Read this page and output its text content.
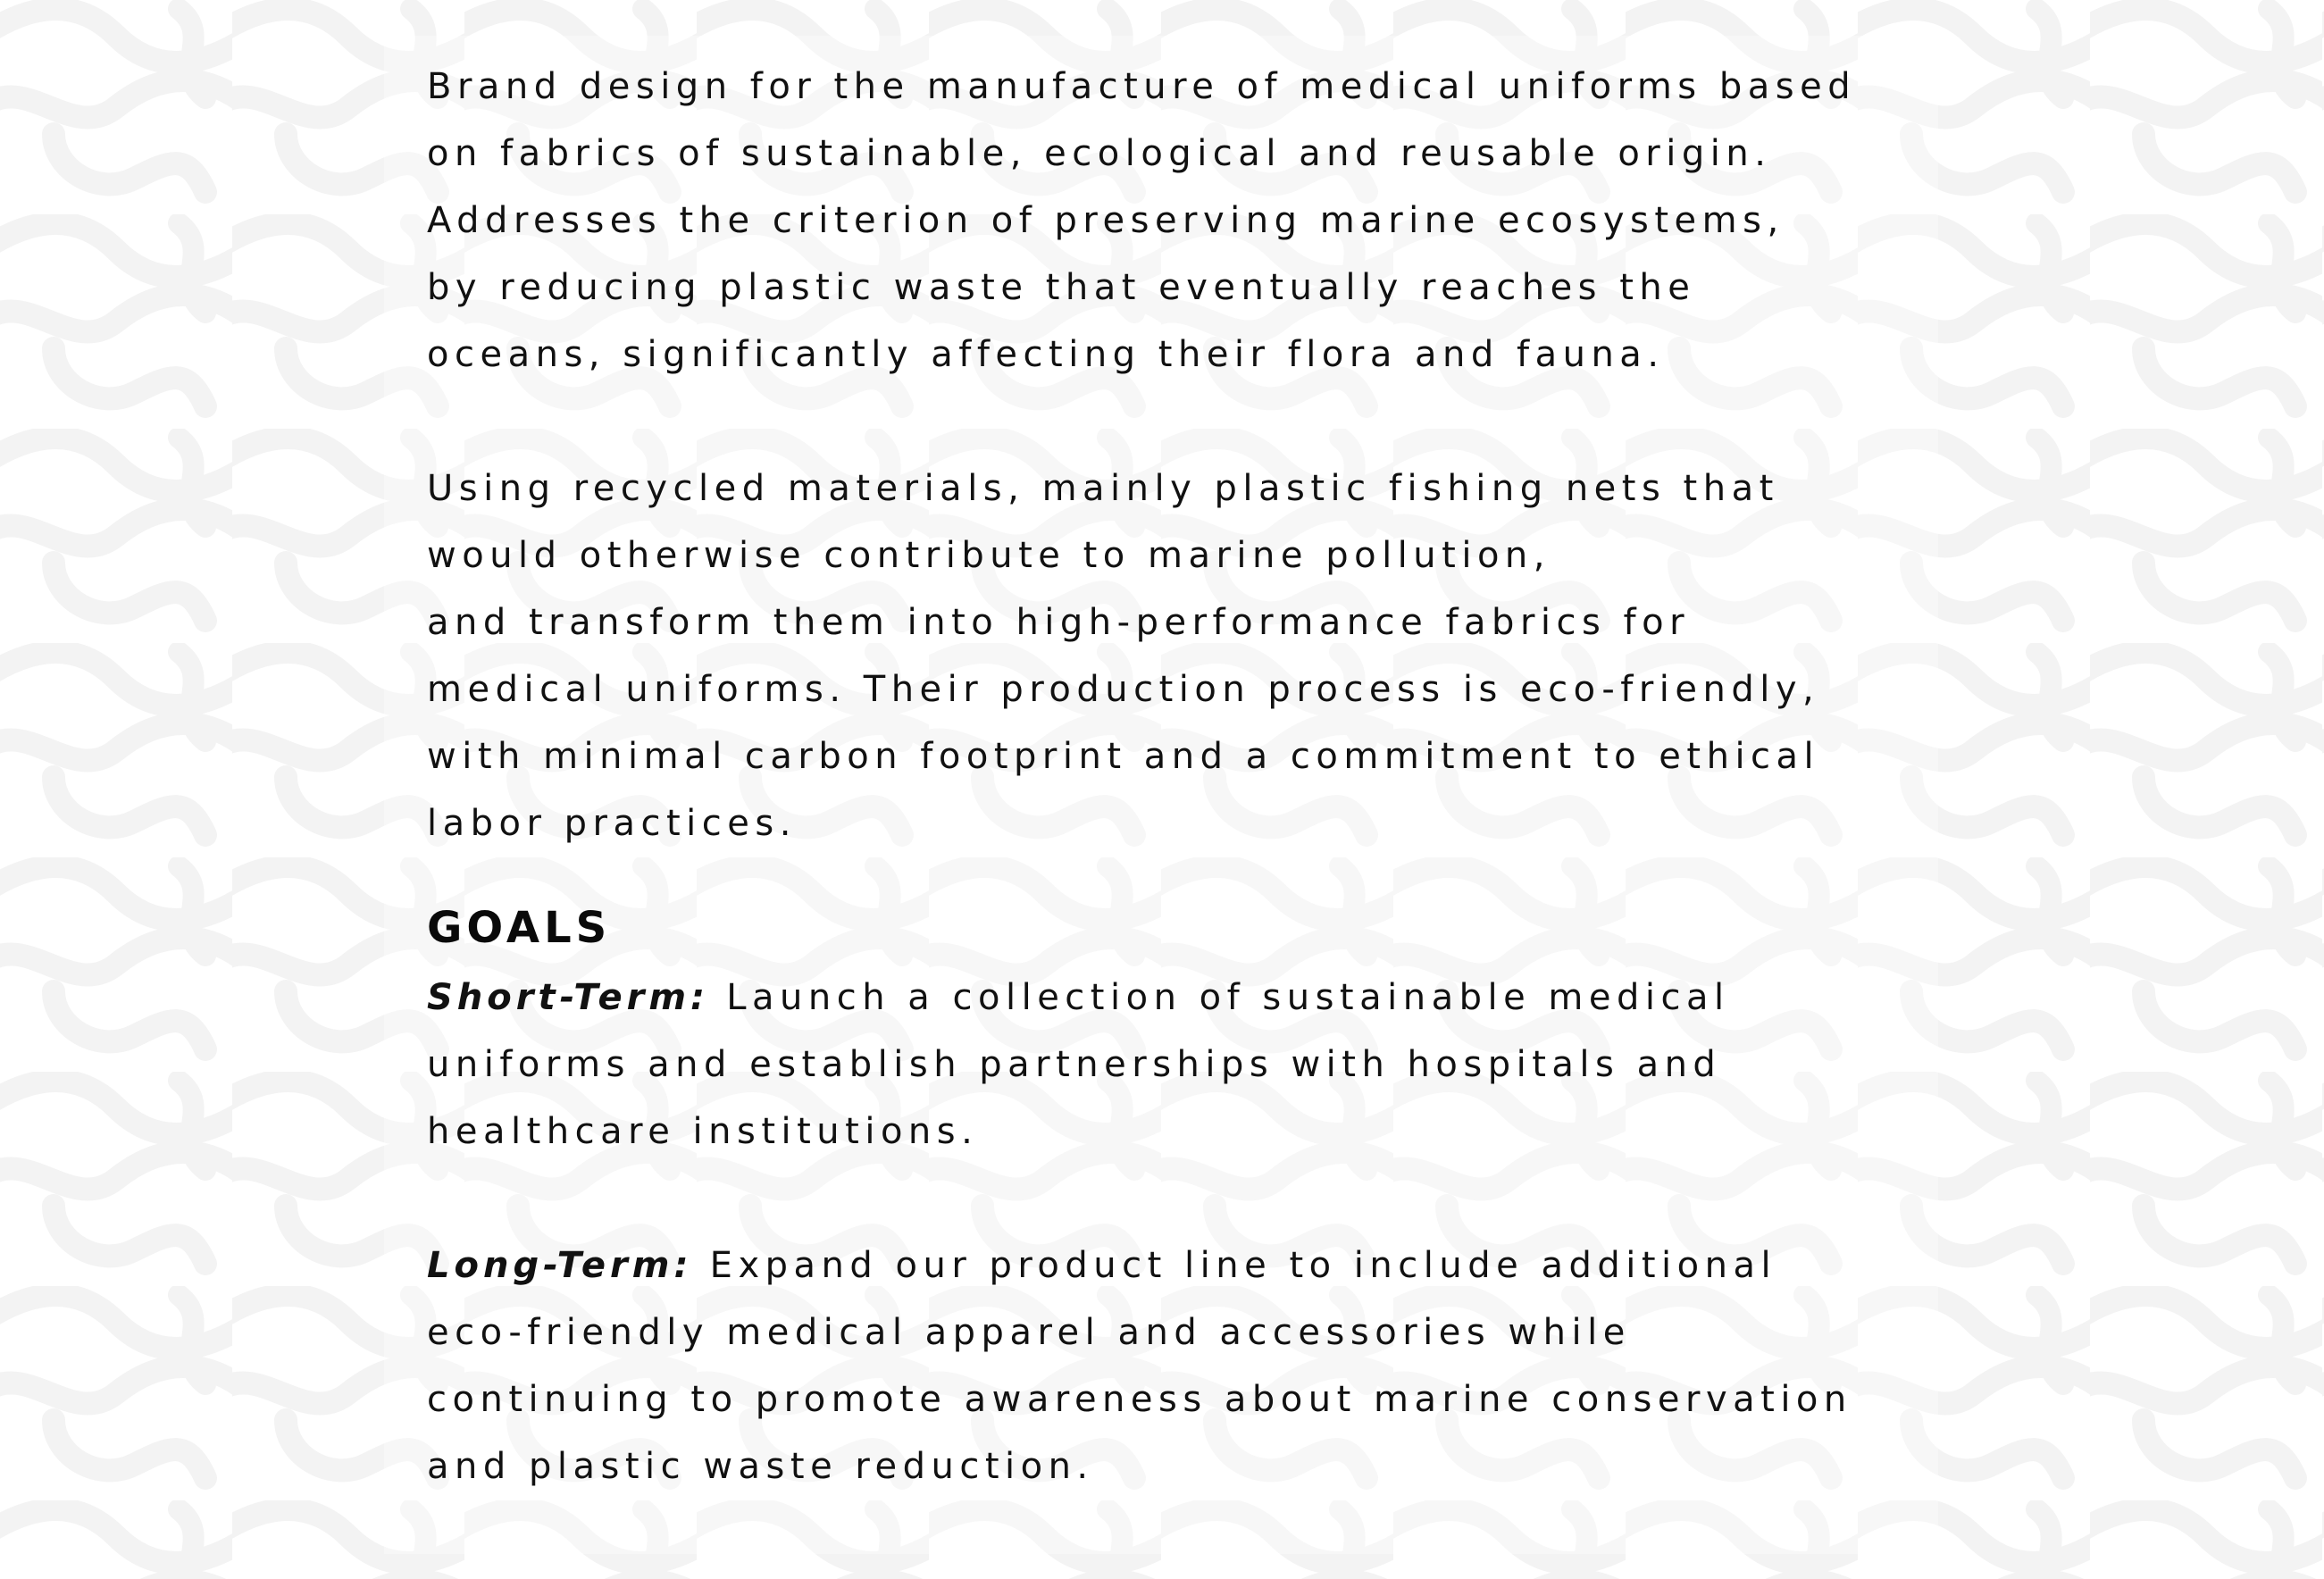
Brand design for the manufacture of medical uniforms based
on fabrics of sustainable, ecological and reusable origin.
Addresses the criterion of preserving marine ecosystems,
by reducing plastic waste that eventually reaches the
oceans, significantly affecting their flora and fauna.
Using recycled materials, mainly plastic fishing nets that
would otherwise contribute to marine pollution,
and transform them into high-performance fabrics for
medical uniforms. Their production process is eco-friendly,
with minimal carbon footprint and a commitment to ethical
labor practices.
GOALS
Short-Term: Launch a collection of sustainable medical
uniforms and establish partnerships with hospitals and
healthcare institutions.
Long-Term: Expand our product line to include additional
eco-friendly medical apparel and accessories while
continuing to promote awareness about marine conservation
and plastic waste reduction.
